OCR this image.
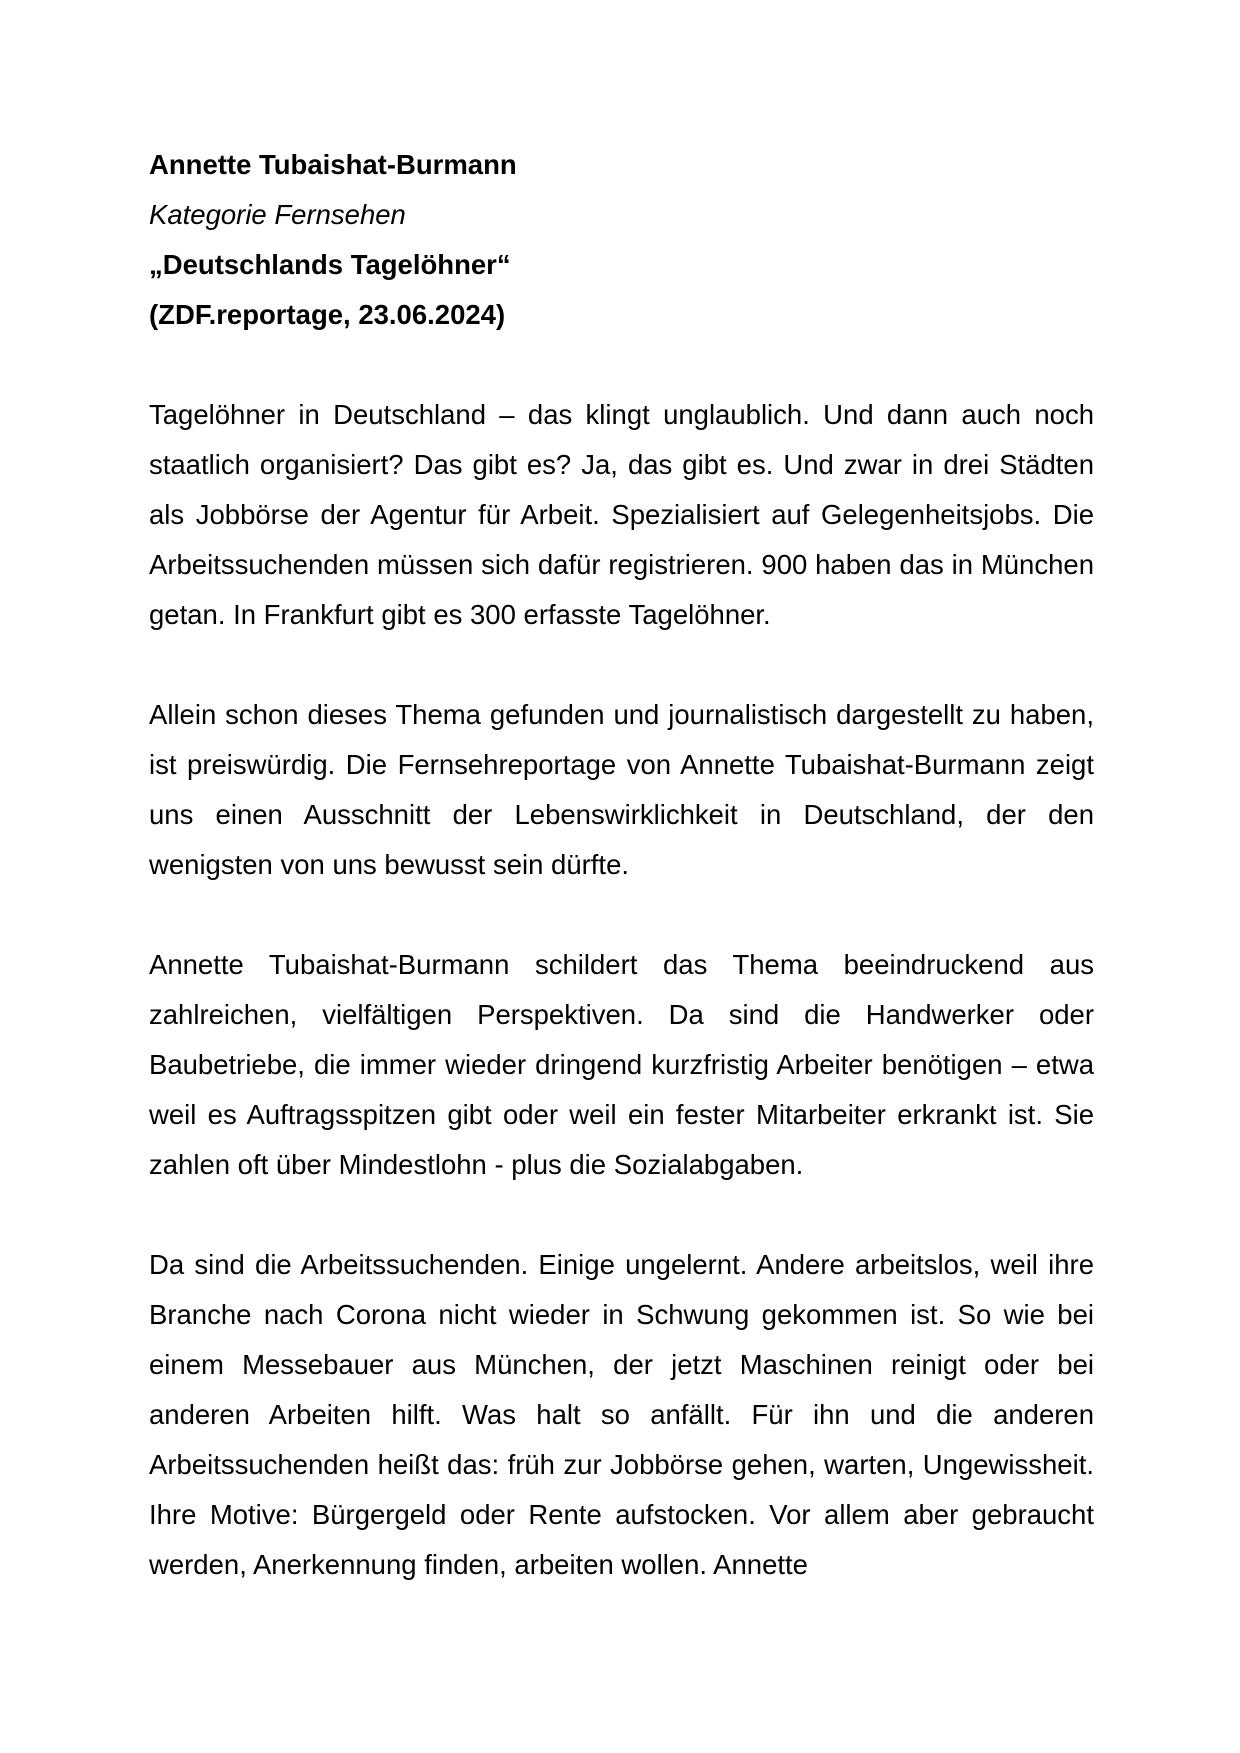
Annette Tubaishat-Burmann
Kategorie Fernsehen
„Deutschlands Tagelöhner“
(ZDF.reportage, 23.06.2024)

Tagelöhner in Deutschland – das klingt unglaublich. Und dann auch noch staatlich organisiert? Das gibt es? Ja, das gibt es. Und zwar in drei Städten als Jobbörse der Agentur für Arbeit. Spezialisiert auf Gelegenheitsjobs. Die Arbeitssuchenden müssen sich dafür registrieren. 900 haben das in München getan. In Frankfurt gibt es 300 erfasste Tagelöhner.

Allein schon dieses Thema gefunden und journalistisch dargestellt zu haben, ist preiswürdig. Die Fernsehreportage von Annette Tubaishat-Burmann zeigt uns einen Ausschnitt der Lebenswirklichkeit in Deutschland, der den wenigsten von uns bewusst sein dürfte.

Annette Tubaishat-Burmann schildert das Thema beeindruckend aus zahlreichen, vielfältigen Perspektiven. Da sind die Handwerker oder Baubetriebe, die immer wieder dringend kurzfristig Arbeiter benötigen – etwa weil es Auftragsspitzen gibt oder weil ein fester Mitarbeiter erkrankt ist. Sie zahlen oft über Mindestlohn - plus die Sozialabgaben.

Da sind die Arbeitssuchenden. Einige ungelernt. Andere arbeitslos, weil ihre Branche nach Corona nicht wieder in Schwung gekommen ist. So wie bei einem Messebauer aus München, der jetzt Maschinen reinigt oder bei anderen Arbeiten hilft. Was halt so anfällt. Für ihn und die anderen Arbeitssuchenden heißt das: früh zur Jobbörse gehen, warten, Ungewissheit. Ihre Motive: Bürgergeld oder Rente aufstocken. Vor allem aber gebraucht werden, Anerkennung finden, arbeiten wollen. Annette
